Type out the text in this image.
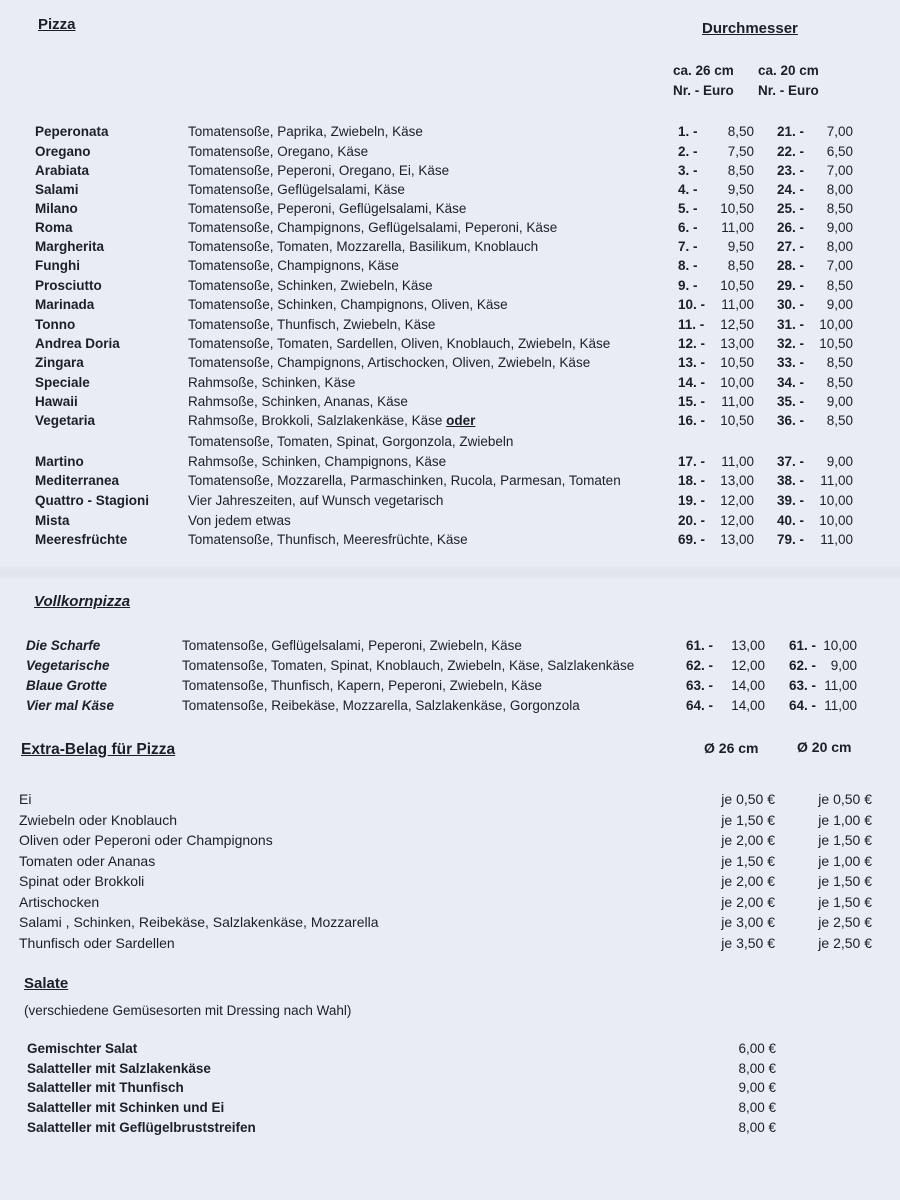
Pizza	Durchmesser
ca. 26 cm ca. 20 cm
Nr. - Euro Nr. - Euro
Peperonata	Tomatensoße, Paprika, Zwiebeln, Käse	1. -	8,50 21. -	7,00
Oregano	Tomatensoße, Oregano, Käse	2. -	7,50 22. -	6,50
Arabiata	Tomatensoße, Peperoni, Oregano, Ei, Käse	3. -	8,50 23. -	7,00
Salami	Tomatensoße, Geflügelsalami, Käse	4. -	9,50 24. -	8,00
Milano	Tomatensoße, Peperoni, Geflügelsalami, Käse	5. -	10,50 25. -	8,50
Roma	Tomatensoße, Champignons, Geflügelsalami, Peperoni, Käse	6. -	11,00 26. -	9,00
Margherita	Tomatensoße, Tomaten, Mozzarella, Basilikum, Knoblauch	7. -	9,50 27. -	8,00
Funghi	Tomatensoße, Champignons, Käse	8. -	8,50 28. -	7,00
Prosciutto	Tomatensoße, Schinken, Zwiebeln, Käse	9. -	10,50 29. -	8,50
Marinada	Tomatensoße, Schinken, Champignons, Oliven, Käse	10. -	11,00 30. -	9,00
Tonno	Tomatensoße, Thunfisch, Zwiebeln, Käse	11. -	12,50 31. -	10,00
Andrea Doria	Tomatensoße, Tomaten, Sardellen, Oliven, Knoblauch, Zwiebeln, Käse	12. -	13,00 32. -	10,50
Zingara	Tomatensoße, Champignons, Artischocken, Oliven, Zwiebeln, Käse	13. -	10,50 33. -	8,50
Speciale	Rahmsoße, Schinken, Käse	14. -	10,00 34. -	8,50
Hawaii	Rahmsoße, Schinken, Ananas, Käse	15. -	11,00 35. -	9,00
Vegetaria	Rahmsoße, Brokkoli, Salzlakenkäse, Käse oder	16. -	10,50 36. -	8,50
Tomatensoße, Tomaten, Spinat, Gorgonzola, Zwiebeln
Martino	Rahmsoße, Schinken, Champignons, Käse	17. -	11,00 37. -	9,00
Mediterranea	Tomatensoße, Mozzarella, Parmaschinken, Rucola, Parmesan, Tomaten	18. -	13,00 38. -	11,00
Quattro - Stagioni	Vier Jahreszeiten, auf Wunsch vegetarisch	19. -	12,00 39. -	10,00
Mista	Von jedem etwas	20. -	12,00 40. -	10,00
Meeresfrüchte	Tomatensoße, Thunfisch, Meeresfrüchte, Käse	69. -	13,00 79. -	11,00
Vollkornpizza
Die Scharfe	Tomatensoße, Geflügelsalami, Peperoni, Zwiebeln, Käse	61. -	13,00 61. - 10,00
Vegetarische	Tomatensoße, Tomaten, Spinat, Knoblauch, Zwiebeln, Käse, Salzlakenkäse	62. -	12,00 62. -	9,00
Blaue Grotte	Tomatensoße, Thunfisch, Kapern, Peperoni, Zwiebeln, Käse	63. -	14,00 63. - 11,00
Vier mal Käse	Tomatensoße, Reibekäse, Mozzarella, Salzlakenkäse, Gorgonzola	64. -	14,00 64. - 11,00
Extra-Belag für Pizza	Ø 26 cm	Ø 20 cm
Ei	je 0,50 €	je 0,50 €
Zwiebeln oder Knoblauch	je 1,50 €	je 1,00 €
Oliven oder Peperoni oder Champignons	je 2,00 €	je 1,50 €
Tomaten oder Ananas	je 1,50 €	je 1,00 €
Spinat oder Brokkoli	je 2,00 €	je 1,50 €
Artischocken	je 2,00 €	je 1,50 €
Salami , Schinken, Reibekäse, Salzlakenkäse, Mozzarella	je 3,00 €	je 2,50 €
Thunfisch oder Sardellen	je 3,50 €	je 2,50 €
Salate
(verschiedene Gemüsesorten mit Dressing nach Wahl)
Gemischter Salat	6,00 €
Salatteller mit Salzlakenkäse	8,00 €
Salatteller mit Thunfisch	9,00 €
Salatteller mit Schinken und Ei	8,00 €
Salatteller mit Geflügelbruststreifen	8,00 €
